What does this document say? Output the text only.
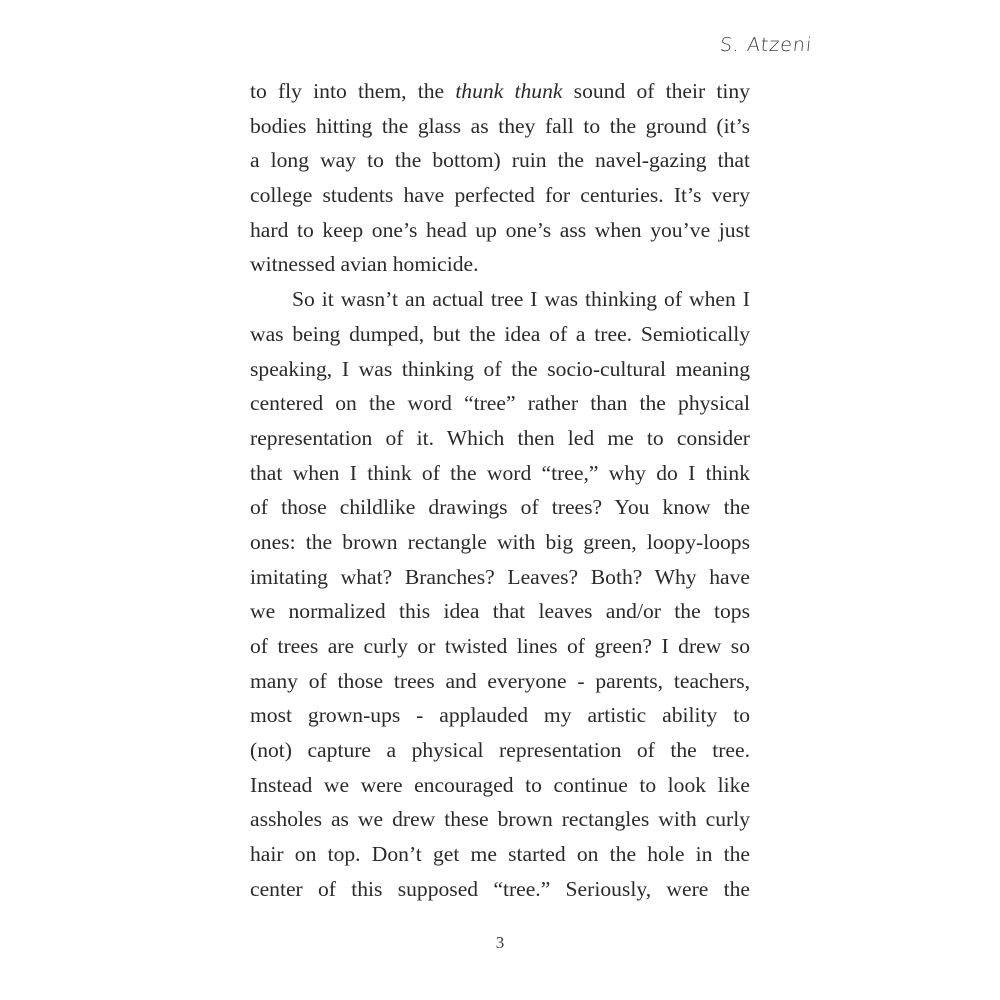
S. Atzeni
to fly into them, the thunk thunk sound of their tiny
bodies hitting the glass as they fall to the ground (it’s
a long way to the bottom) ruin the navel-gazing that
college students have perfected for centuries. It’s very
hard to keep one’s head up one’s ass when you’ve just
witnessed avian homicide.
So it wasn’t an actual tree I was thinking of when I
was being dumped, but the idea of a tree. Semiotically
speaking, I was thinking of the socio-cultural meaning
centered on the word “tree” rather than the physical
representation of it. Which then led me to consider
that when I think of the word “tree,” why do I think
of those childlike drawings of trees? You know the
ones: the brown rectangle with big green, loopy-loops
imitating what? Branches? Leaves? Both? Why have
we normalized this idea that leaves and/or the tops
of trees are curly or twisted lines of green? I drew so
many of those trees and everyone - parents, teachers,
most grown-ups - applauded my artistic ability to
(not) capture a physical representation of the tree.
Instead we were encouraged to continue to look like
assholes as we drew these brown rectangles with curly
hair on top. Don’t get me started on the hole in the
center of this supposed “tree.” Seriously, were the
3
